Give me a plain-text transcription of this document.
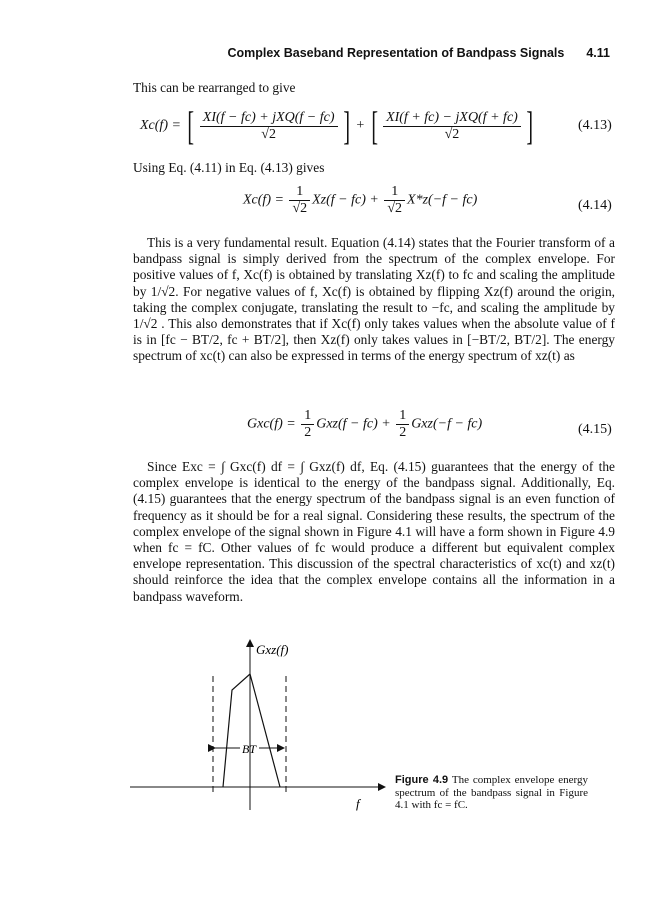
Complex Baseband Representation of Bandpass Signals 4.11
This can be rearranged to give
Xc(f) = [ $\frac{\text{XI(f − fc) + jXQ(f − fc)}}{√2}$ ] + [ $\frac{\text{XI(f + fc) − jXQ(f + fc)}}{√2}$ ]	(4.13)
Using Eq. (4.11) in Eq. (4.13) gives
$Xc(f) = \frac{1}{√2} Xz(f - fc) + \frac{1}{√2} X*z(-f - fc)$	(4.14)
This is a very fundamental result. Equation (4.14) states that the Fourier transform of a bandpass signal is simply derived from the spectrum of the complex envelope. For positive values of f, Xc(f) is obtained by translating Xz(f) to fc and scaling the amplitude by 1/√2. For negative values of f, Xc(f) is obtained by flipping Xz(f) around the origin, taking the complex conjugate, translating the result to −fc, and scaling the amplitude by 1/√2 . This also demonstrates that if Xc(f) only takes values when the absolute value of f is in [fc − BT/2, fc + BT/2], then Xz(f) only takes values in [−BT/2, BT/2]. The energy spectrum of xc(t) can also be expressed in terms of the energy spectrum of xz(t) as
$Gxc(f) = \frac{1}{2} Gxz(f - fc) + \frac{1}{2} Gxz(-f - fc)$	(4.15)
Since Exc = ∫ Gxc(f) df = ∫ Gxz(f) df, Eq. (4.15) guarantees that the energy of the complex envelope is identical to the energy of the bandpass signal. Additionally, Eq. (4.15) guarantees that the energy spectrum of the bandpass signal is an even function of frequency as it should be for a real signal. Considering these results, the spectrum of the complex envelope of the signal shown in Figure 4.1 will have a form shown in Figure 4.9 when fc = fC. Other values of fc would produce a different but equivalent complex envelope representation. This discussion of the spectral characteristics of xc(t) and xz(t) should reinforce the idea that the complex envelope contains all the information in a bandpass waveform.
Gxz(f)
f
BT
Figure 4.9 The complex envelope energy spectrum of the bandpass signal in Figure 4.1 with fc = fC.
